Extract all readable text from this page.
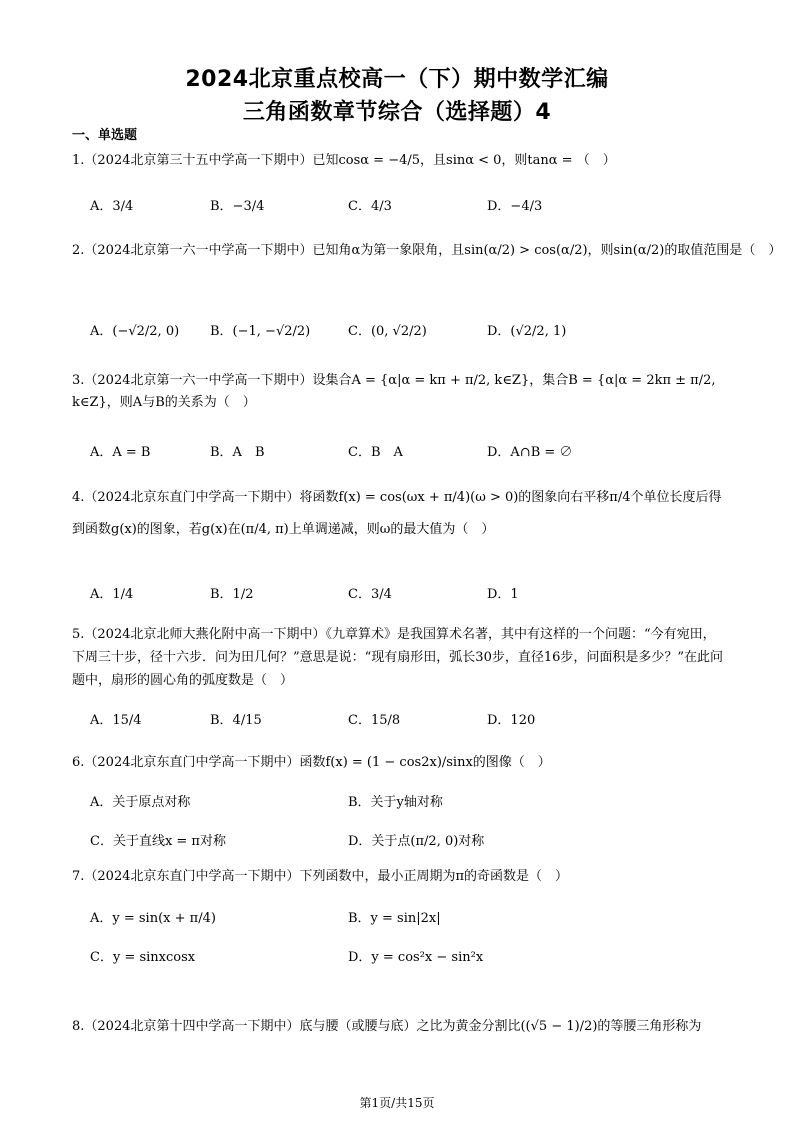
2024北京重点校高一（下）期中数学汇编
三角函数章节综合（选择题）4
一、单选题
1.（2024北京第三十五中学高一下期中）已知cosα = −4/5，且sinα < 0，则tanα = （　）
A．3/4	B．−3/4	C．4/3	D．−4/3
2.（2024北京第一六一中学高一下期中）已知角α为第一象限角，且sin(α/2) > cos(α/2)，则sin(α/2)的取值范围是（　）
A．(−√2/2, 0) B．(−1, −√2/2)	C．(0, √2/2)	D．(√2/2, 1)
3.（2024北京第一六一中学高一下期中）设集合A = {α|α = kπ + π/2, k∈Z}，集合B = {α|α = 2kπ ± π/2, k∈Z}，则A与B的关系为（　）
A．A = B	B．A　B	C．B　A	D．A∩B = ∅
4.（2024北京东直门中学高一下期中）将函数f(x) = cos(ωx + π/4)(ω > 0)的图象向右平移π/4个单位长度后得到函数g(x)的图象，若g(x)在(π/4, π)上单调递减，则ω的最大值为（　）
A．1/4	B．1/2	C．3/4	D．1
5.（2024北京北师大燕化附中高一下期中）《九章算术》是我国算术名著，其中有这样的一个问题：“今有宛田，下周三十步，径十六步．问为田几何？”意思是说：“现有扇形田，弧长30步，直径16步，问面积是多少？”在此问题中，扇形的圆心角的弧度数是（　）
A．15/4	B．4/15	C．15/8	D．120
6.（2024北京东直门中学高一下期中）函数f(x) = (1 − cos2x)/sinx的图像（　）
A．关于原点对称	B．关于y轴对称
C．关于直线x = π对称	D．关于点(π/2, 0)对称
7.（2024北京东直门中学高一下期中）下列函数中，最小正周期为π的奇函数是（　）
A．y = sin(x + π/4)	B．y = sin|2x|
C．y = sinxcosx	D．y = cos²x − sin²x
8.（2024北京第十四中学高一下期中）底与腰（或腰与底）之比为黄金分割比((√5 − 1)/2)的等腰三角形称为
第1页/共15页
